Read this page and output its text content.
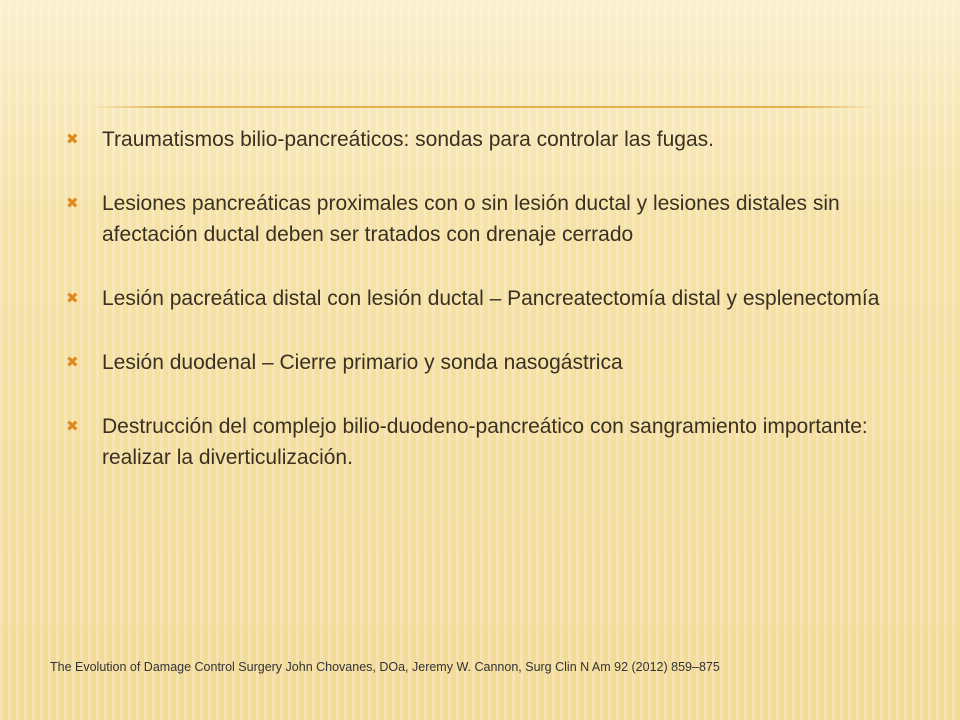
✖	Traumatismos bilio-pancreáticos: sondas para controlar las fugas.
✖	Lesiones pancreáticas proximales con o sin lesión ductal y lesiones distales sin afectación ductal deben ser tratados con drenaje cerrado
✖	Lesión pacreática distal con lesión ductal – Pancreatectomía distal y esplenectomía
✖	Lesión duodenal – Cierre primario y sonda nasogástrica
✖	Destrucción del complejo bilio-duodeno-pancreático con sangramiento importante: realizar la diverticulización.
The Evolution of Damage Control Surgery John Chovanes, DOa, Jeremy W. Cannon, Surg Clin N Am 92 (2012) 859–875
